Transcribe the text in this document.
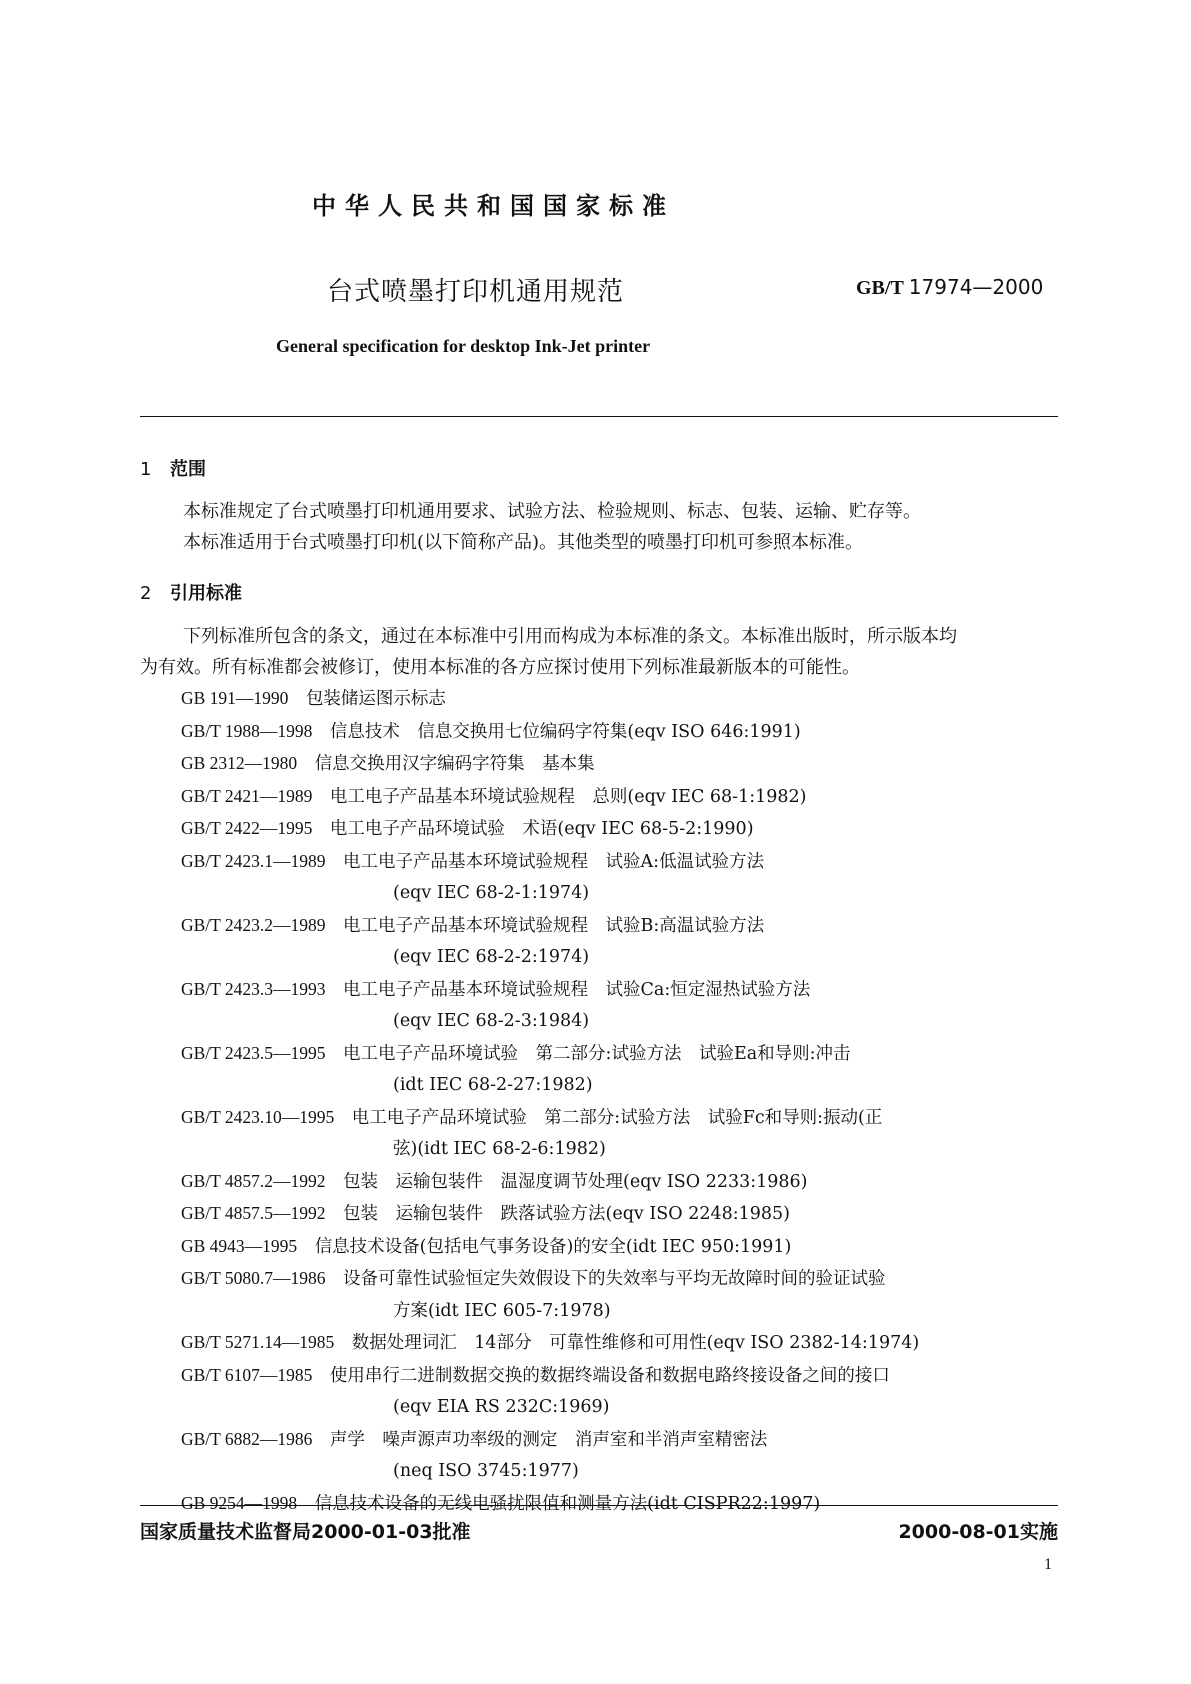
中华人民共和国国家标准
台式喷墨打印机通用规范	GB/T 17974—2000
General specification for desktop Ink-Jet printer
1 范围
本标准规定了台式喷墨打印机通用要求、试验方法、检验规则、标志、包装、运输、贮存等。
本标准适用于台式喷墨打印机(以下简称产品)。其他类型的喷墨打印机可参照本标准。
2 引用标准
下列标准所包含的条文，通过在本标准中引用而构成为本标准的条文。本标准出版时，所示版本均
为有效。所有标准都会被修订，使用本标准的各方应探讨使用下列标准最新版本的可能性。
GB 191—1990　 包装储运图示标志
GB/T 1988—1998　 信息技术　信息交换用七位编码字符集(eqv ISO 646:1991)
GB 2312—1980　 信息交换用汉字编码字符集　基本集
GB/T 2421—1989　 电工电子产品基本环境试验规程　总则(eqv IEC 68-1:1982)
GB/T 2422—1995　 电工电子产品环境试验　术语(eqv IEC 68-5-2:1990)
GB/T 2423.1—1989　 电工电子产品基本环境试验规程　试验A:低温试验方法
(eqv IEC 68-2-1:1974)
GB/T 2423.2—1989　 电工电子产品基本环境试验规程　试验B:高温试验方法
(eqv IEC 68-2-2:1974)
GB/T 2423.3—1993　 电工电子产品基本环境试验规程　试验Ca:恒定湿热试验方法
(eqv IEC 68-2-3:1984)
GB/T 2423.5—1995　 电工电子产品环境试验　第二部分:试验方法　试验Ea和导则:冲击
(idt IEC 68-2-27:1982)
GB/T 2423.10—1995　 电工电子产品环境试验　第二部分:试验方法　试验Fc和导则:振动(正
弦)(idt IEC 68-2-6:1982)
GB/T 4857.2—1992　 包装　运输包装件　温湿度调节处理(eqv ISO 2233:1986)
GB/T 4857.5—1992　 包装　运输包装件　跌落试验方法(eqv ISO 2248:1985)
GB 4943—1995　 信息技术设备(包括电气事务设备)的安全(idt IEC 950:1991)
GB/T 5080.7—1986　 设备可靠性试验恒定失效假设下的失效率与平均无故障时间的验证试验
方案(idt IEC 605-7:1978)
GB/T 5271.14—1985　 数据处理词汇　14部分　可靠性维修和可用性(eqv ISO 2382-14:1974)
GB/T 6107—1985　 使用串行二进制数据交换的数据终端设备和数据电路终接设备之间的接口
(eqv EIA RS 232C:1969)
GB/T 6882—1986　 声学　噪声源声功率级的测定　消声室和半消声室精密法
(neq ISO 3745:1977)
GB 9254—1998　 信息技术设备的无线电骚扰限值和测量方法(idt CISPR22:1997)
国家质量技术监督局2000-01-03批准	2000-08-01实施
1
